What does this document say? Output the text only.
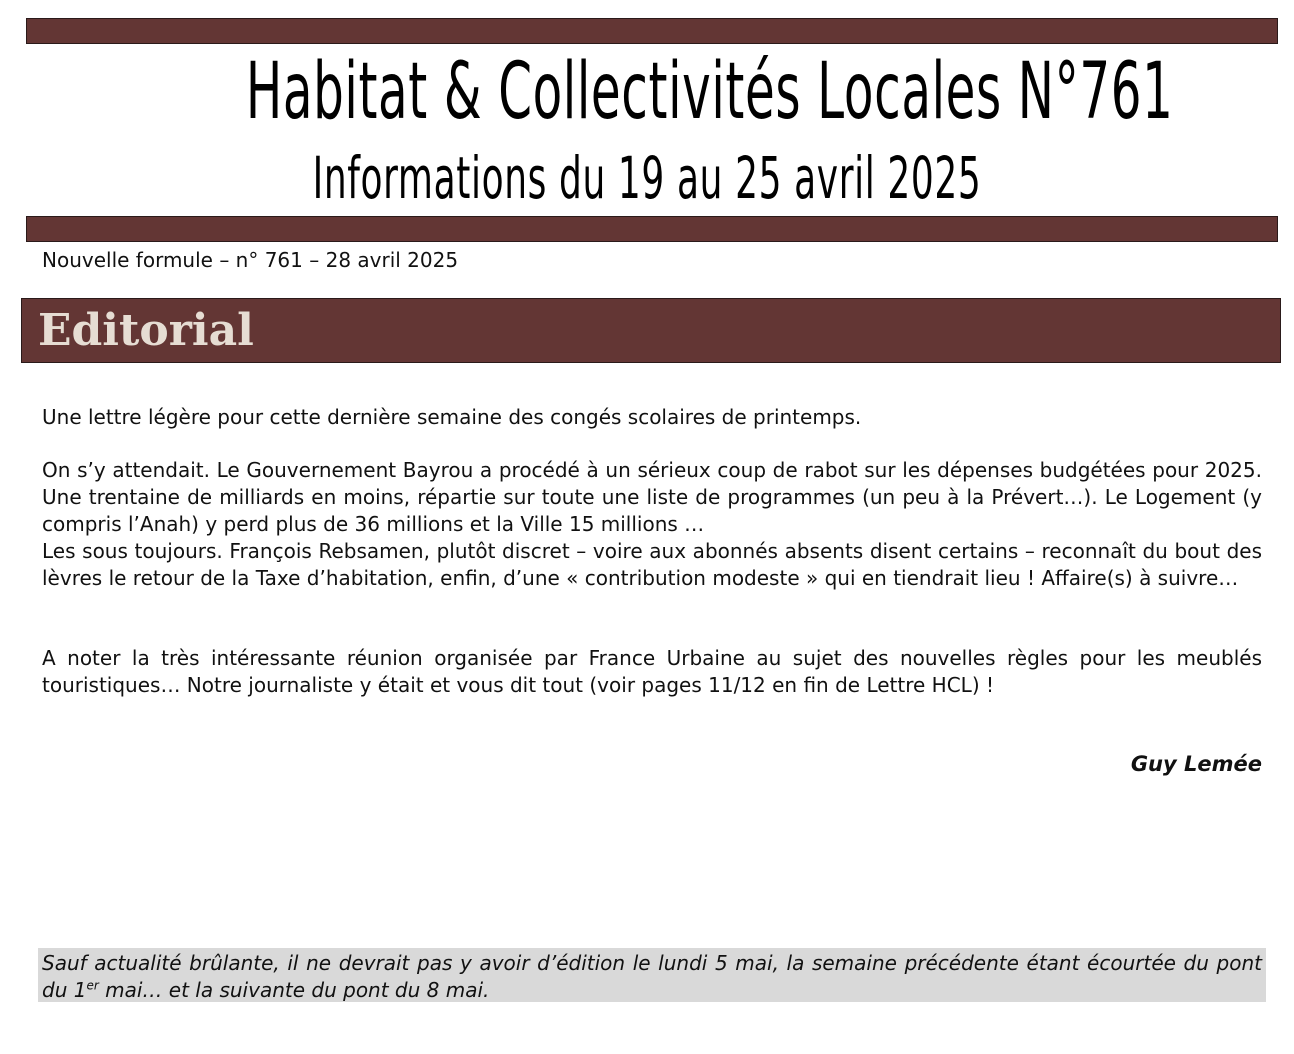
Habitat & Collectivités Locales N°761
Informations du 19 au 25 avril 2025
Nouvelle formule – n° 761 – 28 avril 2025
Editorial

Une lettre légère pour cette dernière semaine des congés scolaires de printemps.

On s’y attendait. Le Gouvernement Bayrou a procédé à un sérieux coup de rabot sur les dépenses budgétées pour 2025. Une trentaine de milliards en moins, répartie sur toute une liste de programmes (un peu à la Prévert…). Le Logement (y compris l’Anah) y perd plus de 36 millions et la Ville 15 millions …
Les sous toujours. François Rebsamen, plutôt discret – voire aux abonnés absents disent certains – reconnaît du bout des lèvres le retour de la Taxe d’habitation, enfin, d’une « contribution modeste » qui en tiendrait lieu ! Affaire(s) à suivre…

A noter la très intéressante réunion organisée par France Urbaine au sujet des nouvelles règles pour les meublés touristiques… Notre journaliste y était et vous dit tout (voir pages 11/12 en fin de Lettre HCL) !

Guy Lemée

Sauf actualité brûlante, il ne devrait pas y avoir d’édition le lundi 5 mai, la semaine précédente étant écourtée du pont du 1er mai… et la suivante du pont du 8 mai.
